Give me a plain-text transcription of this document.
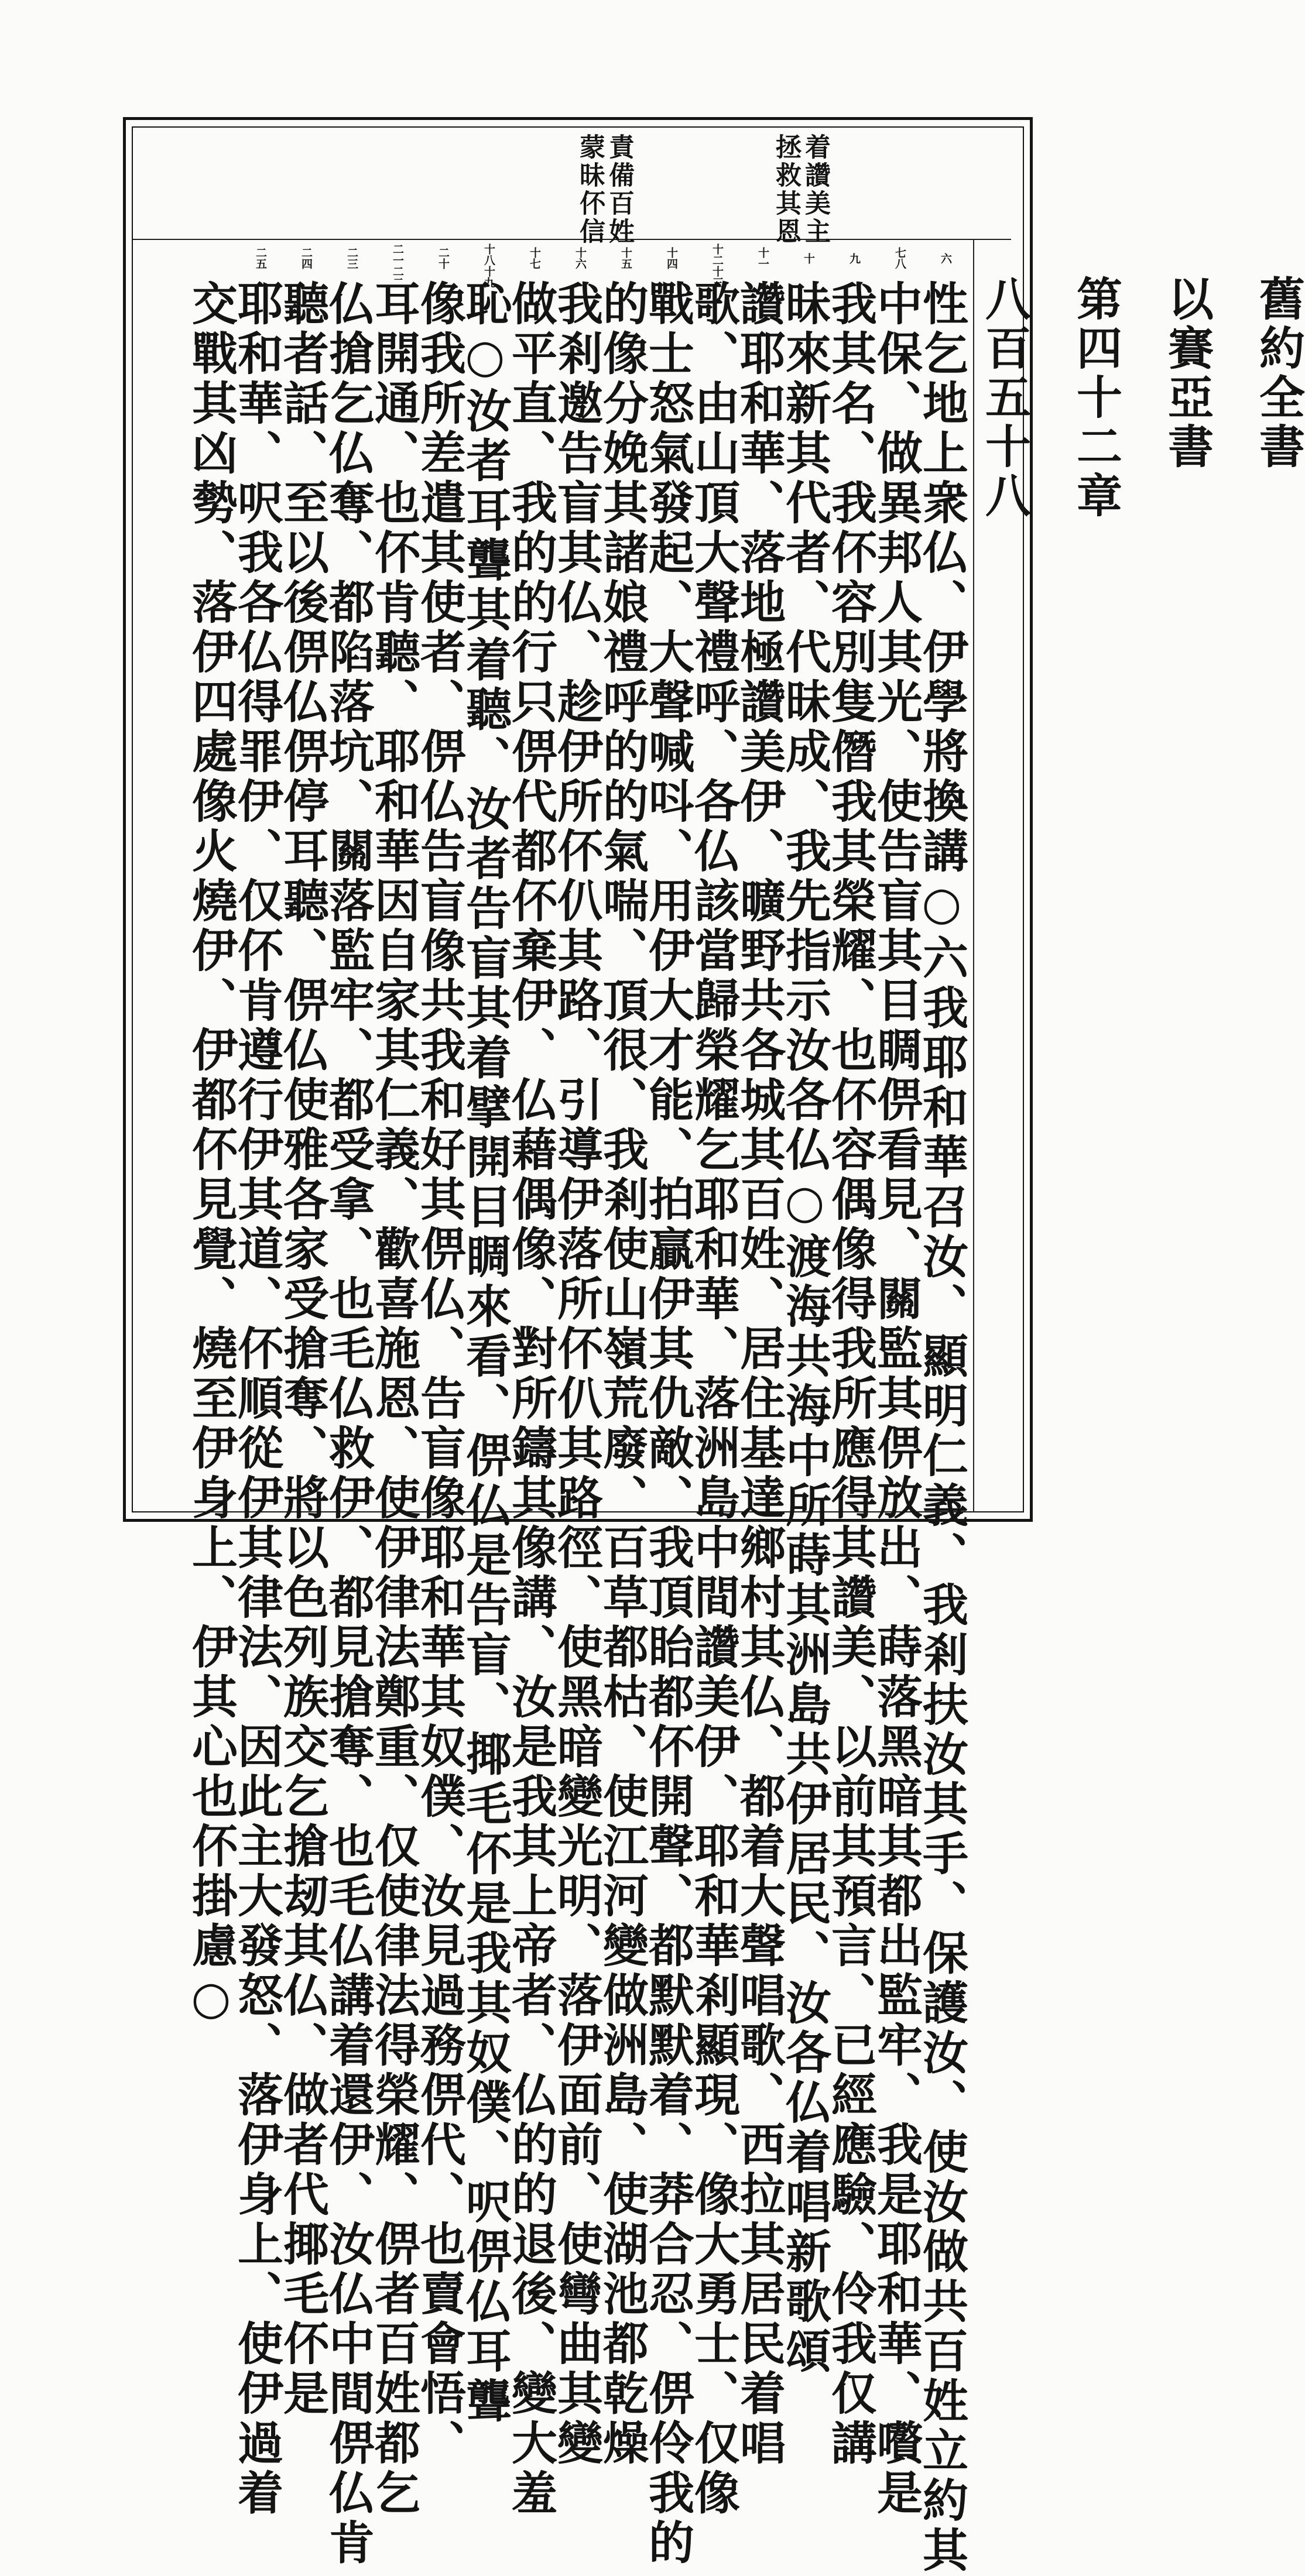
舊約全書
以賽亞書
第四十二章
八百五十八
着讚美主
拯救其恩
責備百姓
蒙昧伓信
六
七八
九
十
十一
十二十三
十四
十五
十六
十七
十八十九
二十
二一二二
二三
二四
二五
性乞地上衆仏、伊學將換講○六我耶和華召汝、顯明仁義、我剎扶汝其手、保護汝、使汝做共百姓立約其
中保、做異邦人其光、使告盲其目睭㑭看見、關監其㑭放出、蒔落黑暗其都出監牢、我是耶和華、嚽是
我其名、我伓容別隻僭我其榮耀、也伓容偶像得我所應得其讚美、以前其預言、已經應驗、伶我仅講
昧來新其代者、代昧成、我先指示汝各仏○渡海共海中所蒔其洲島共伊居民、汝各仏着唱新歌頌
讚耶和華、落地極讚美伊、曠野共各城其百姓、居住基達鄉村其仏、都着大聲唱歌、西拉其居民着唱
歌、由山頂大聲禮呼、各仏該當歸榮耀乞耶和華、落洲島中間讚美伊、耶和華剎顯現、像大勇士、仅像
戰士怒氣發起、大聲喊呌、用伊大才能、拍贏伊其仇敵、我頂眙都伓開聲、都默默着、莽合忍、㑭伶我的
的像分娩其諸娘禮呼的的氣喘、頂很、我剎使山嶺荒廢、百草都枯、使江河變做洲島、使湖池都乾燥
我剎邀告盲其仏、趁伊所伓仈其路、引導伊落所伓仈其路徑、使黑暗變光明、落伊面前、使彎曲其變
做平直、我的的行只㑭代都伓棄伊、仏藉偶像、對所鑄其像講、汝是我其上帝者、仏的的退後、變大羞
恥○汝者耳聾其着聽、汝者告盲其着擘開目睭來看、㑭仏是告盲、揶毛伓是我其奴僕、呎㑭仏耳聾
像我所差遣其使者、㑭仏告盲像共我和好其㑭仏、告盲像耶和華其奴僕、汝見過務㑭代、也賣會悟、
耳開通、也伓肯聽、耶和華因自家其仁義、歡喜施恩、使伊律法鄭重、仅使律法得榮耀、㑭者百姓都乞
仏搶乞仏奪、都陷落坑、關落監牢、都受拿、也毛仏救伊、都見搶奪、也毛仏講着還伊、汝仏中間㑭仏肯
聽者話、至以後㑭仏㑭停耳聽、㑭仏使雅各家受搶奪、將以色列族交乞搶刼其仏、做者代揶毛伓是
耶和華、呎我各仏得罪伊、仅伓肯遵行伊其道、伓順從伊其律法、因此主大發怒、落伊身上、使伊過着
交戰其凶勢、落伊四處像火燒伊、伊都伓見覺、燒至伊身上、伊其心也伓掛慮○
